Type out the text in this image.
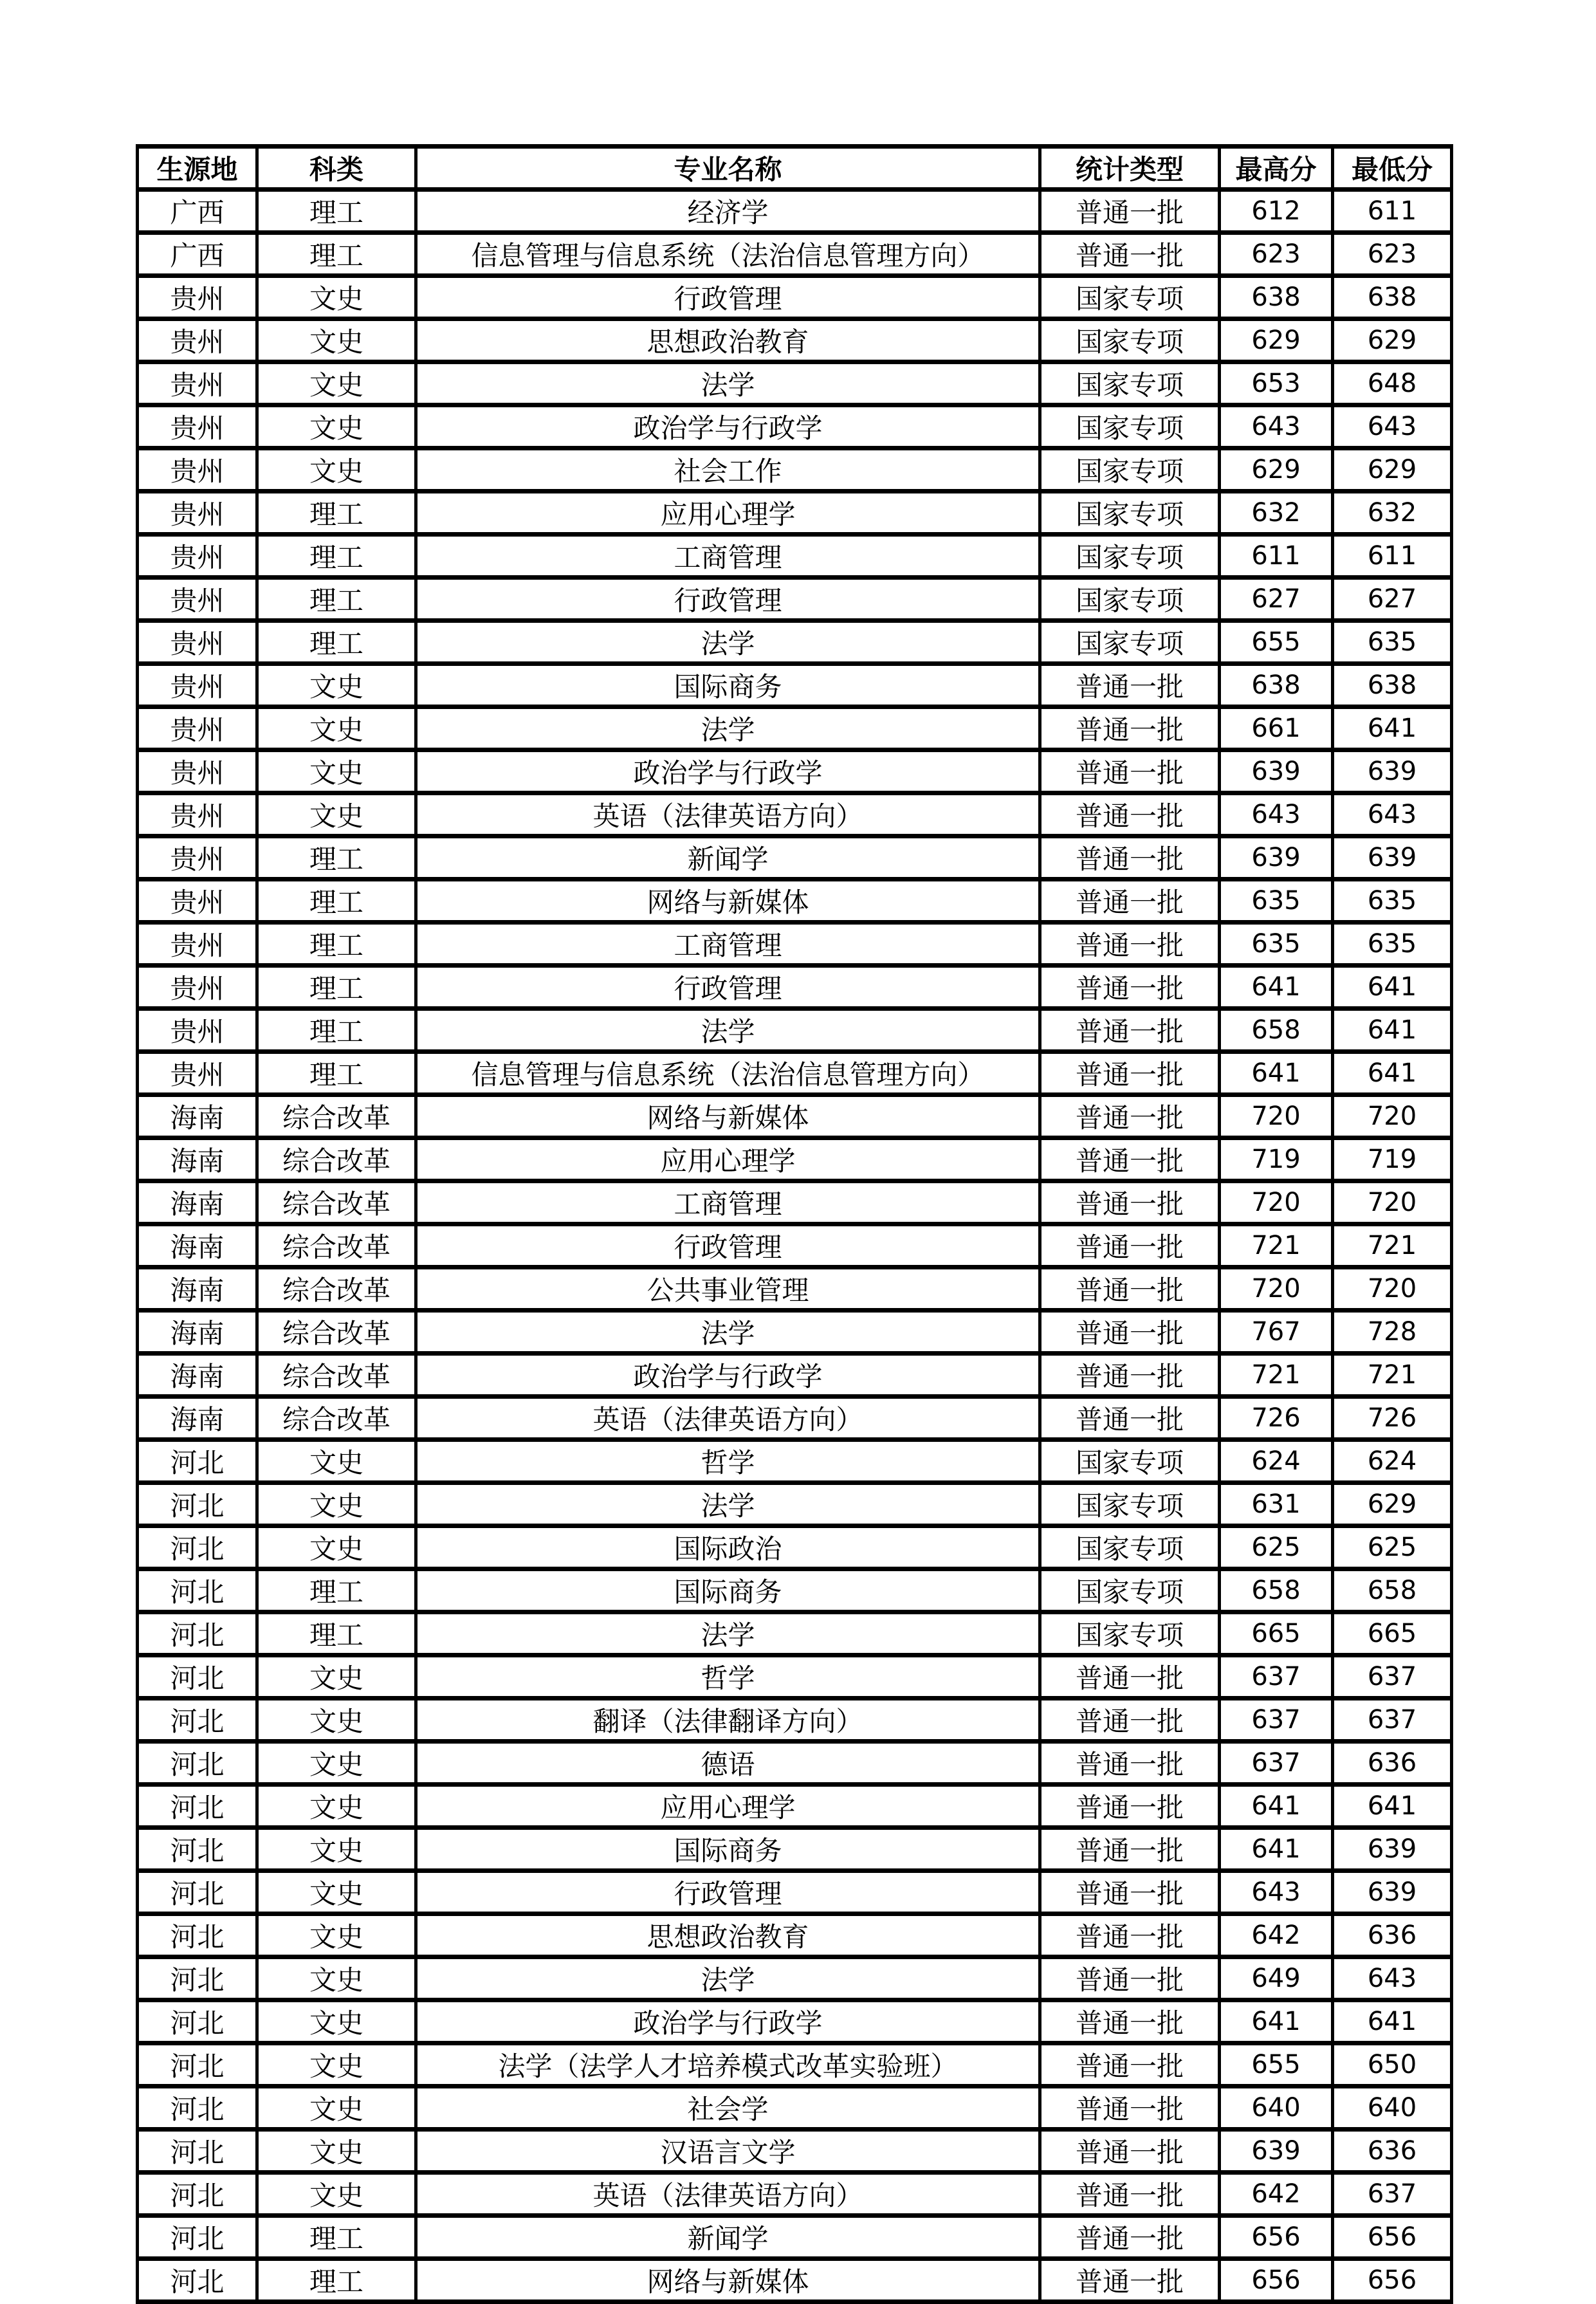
生源地	科类	专业名称	统计类型	最高分	最低分
广西	理工	经济学	普通一批	612	611
广西	理工	信息管理与信息系统（法治信息管理方向）	普通一批	623	623
贵州	文史	行政管理	国家专项	638	638
贵州	文史	思想政治教育	国家专项	629	629
贵州	文史	法学	国家专项	653	648
贵州	文史	政治学与行政学	国家专项	643	643
贵州	文史	社会工作	国家专项	629	629
贵州	理工	应用心理学	国家专项	632	632
贵州	理工	工商管理	国家专项	611	611
贵州	理工	行政管理	国家专项	627	627
贵州	理工	法学	国家专项	655	635
贵州	文史	国际商务	普通一批	638	638
贵州	文史	法学	普通一批	661	641
贵州	文史	政治学与行政学	普通一批	639	639
贵州	文史	英语（法律英语方向）	普通一批	643	643
贵州	理工	新闻学	普通一批	639	639
贵州	理工	网络与新媒体	普通一批	635	635
贵州	理工	工商管理	普通一批	635	635
贵州	理工	行政管理	普通一批	641	641
贵州	理工	法学	普通一批	658	641
贵州	理工	信息管理与信息系统（法治信息管理方向）	普通一批	641	641
海南	综合改革	网络与新媒体	普通一批	720	720
海南	综合改革	应用心理学	普通一批	719	719
海南	综合改革	工商管理	普通一批	720	720
海南	综合改革	行政管理	普通一批	721	721
海南	综合改革	公共事业管理	普通一批	720	720
海南	综合改革	法学	普通一批	767	728
海南	综合改革	政治学与行政学	普通一批	721	721
海南	综合改革	英语（法律英语方向）	普通一批	726	726
河北	文史	哲学	国家专项	624	624
河北	文史	法学	国家专项	631	629
河北	文史	国际政治	国家专项	625	625
河北	理工	国际商务	国家专项	658	658
河北	理工	法学	国家专项	665	665
河北	文史	哲学	普通一批	637	637
河北	文史	翻译（法律翻译方向）	普通一批	637	637
河北	文史	德语	普通一批	637	636
河北	文史	应用心理学	普通一批	641	641
河北	文史	国际商务	普通一批	641	639
河北	文史	行政管理	普通一批	643	639
河北	文史	思想政治教育	普通一批	642	636
河北	文史	法学	普通一批	649	643
河北	文史	政治学与行政学	普通一批	641	641
河北	文史	法学（法学人才培养模式改革实验班）	普通一批	655	650
河北	文史	社会学	普通一批	640	640
河北	文史	汉语言文学	普通一批	639	636
河北	文史	英语（法律英语方向）	普通一批	642	637
河北	理工	新闻学	普通一批	656	656
河北	理工	网络与新媒体	普通一批	656	656
